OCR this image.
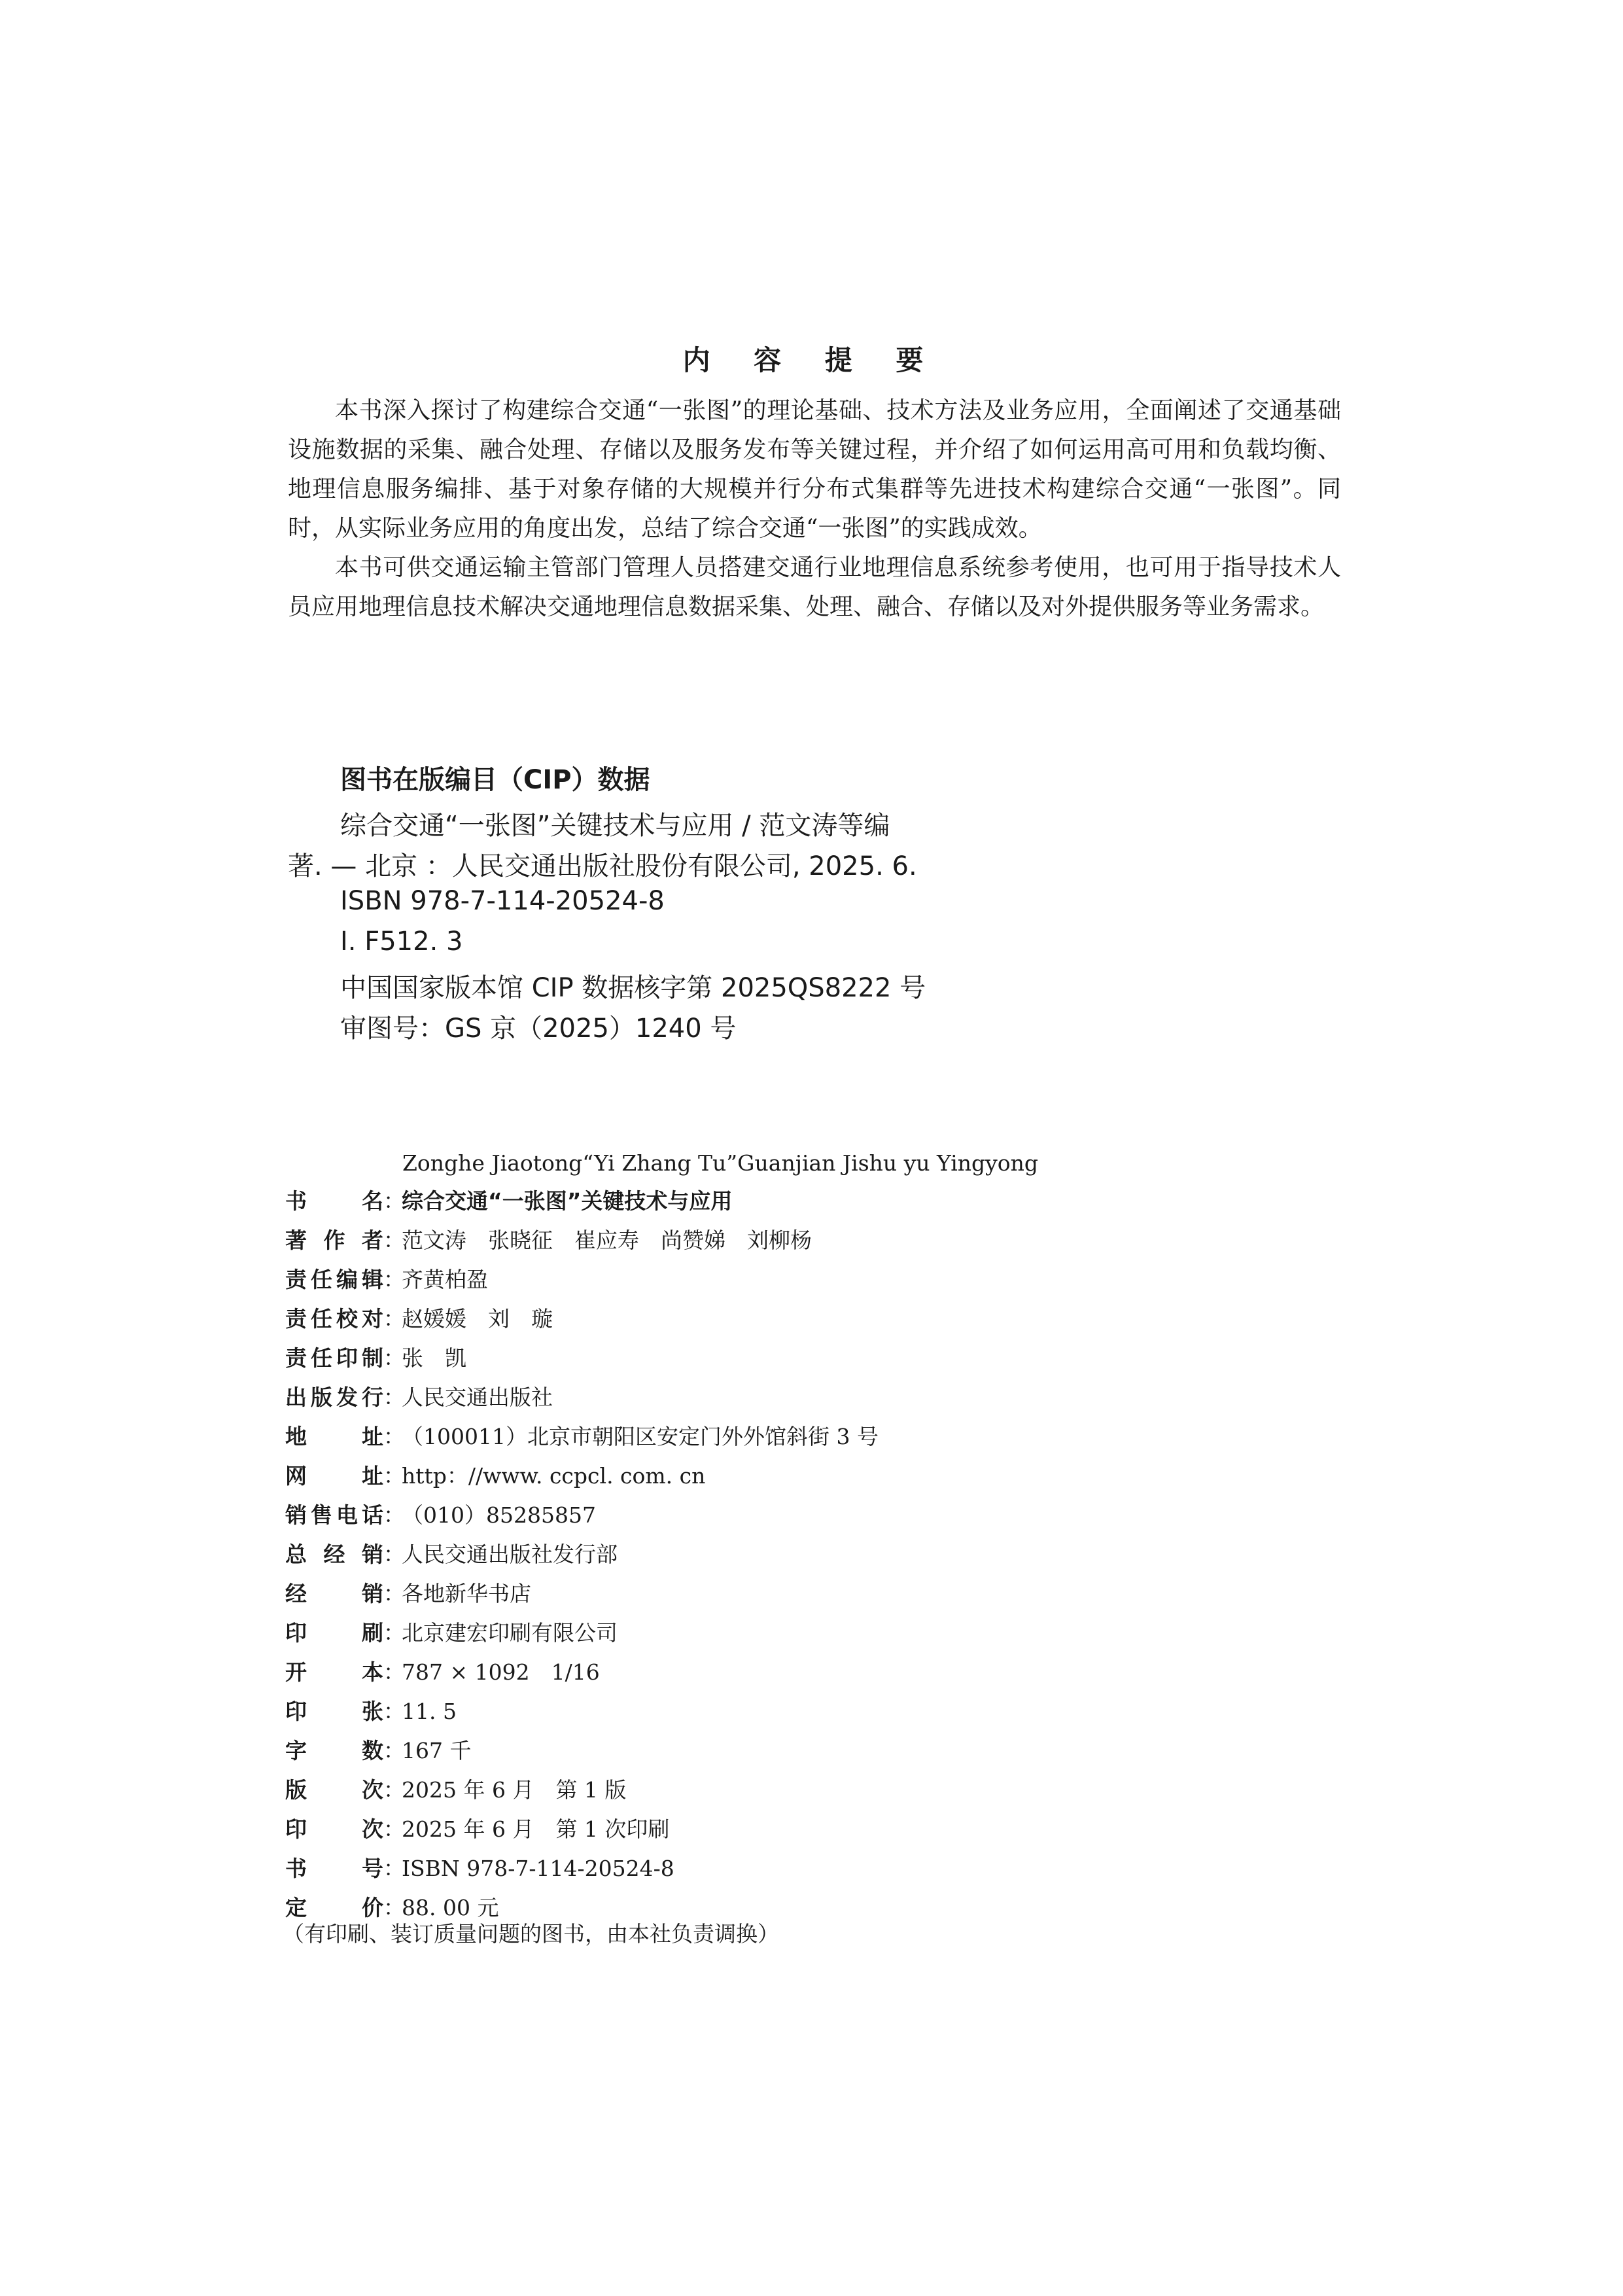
内 容 提 要

本书深入探讨了构建综合交通“一张图”的理论基础、技术方法及业务应用，全面阐述了交通基础设施数据的采集、融合处理、存储以及服务发布等关键过程，并介绍了如何运用高可用和负载均衡、地理信息服务编排、基于对象存储的大规模并行分布式集群等先进技术构建综合交通“一张图”。同时，从实际业务应用的角度出发，总结了综合交通“一张图”的实践成效。

本书可供交通运输主管部门管理人员搭建交通行业地理信息系统参考使用，也可用于指导技术人员应用地理信息技术解决交通地理信息数据采集、处理、融合、存储以及对外提供服务等业务需求。

图书在版编目（CIP）数据
综合交通“一张图”关键技术与应用 / 范文涛等编
著. — 北京 ：人民交通出版社股份有限公司, 2025. 6.
ISBN 978-7-114-20524-8
Ⅰ. F512. 3
中国国家版本馆 CIP 数据核字第 2025QS8222 号
审图号：GS 京（2025）1240 号
Zonghe Jiaotong“Yi Zhang Tu”Guanjian Jishu yu Yingyong
书名 ：
综合交通“一张图”关键技术与应用
著作者 ：
范文涛　张晓征　崔应寿　尚赞娣　刘柳杨
责任编辑 ：
齐黄柏盈
责任校对 ：
赵媛媛　刘　璇
责任印制 ：
张　凯
出版发行 ：
人民交通出版社
地址 ：
（100011）北京市朝阳区安定门外外馆斜街 3 号
网址 ：
http：//www. ccpcl. com. cn
销售电话 ：
（010）85285857
总经销 ：
人民交通出版社发行部
经销 ：
各地新华书店
印刷 ：
北京建宏印刷有限公司
开本 ：
787 × 1092　1/16
印张 ：
11. 5
字数 ：
167 千
版次 ：
2025 年 6 月　第 1 版
印次 ：
2025 年 6 月　第 1 次印刷
书号 ：
ISBN 978-7-114-20524-8
定价 ：
88. 00 元
（有印刷、装订质量问题的图书，由本社负责调换）
